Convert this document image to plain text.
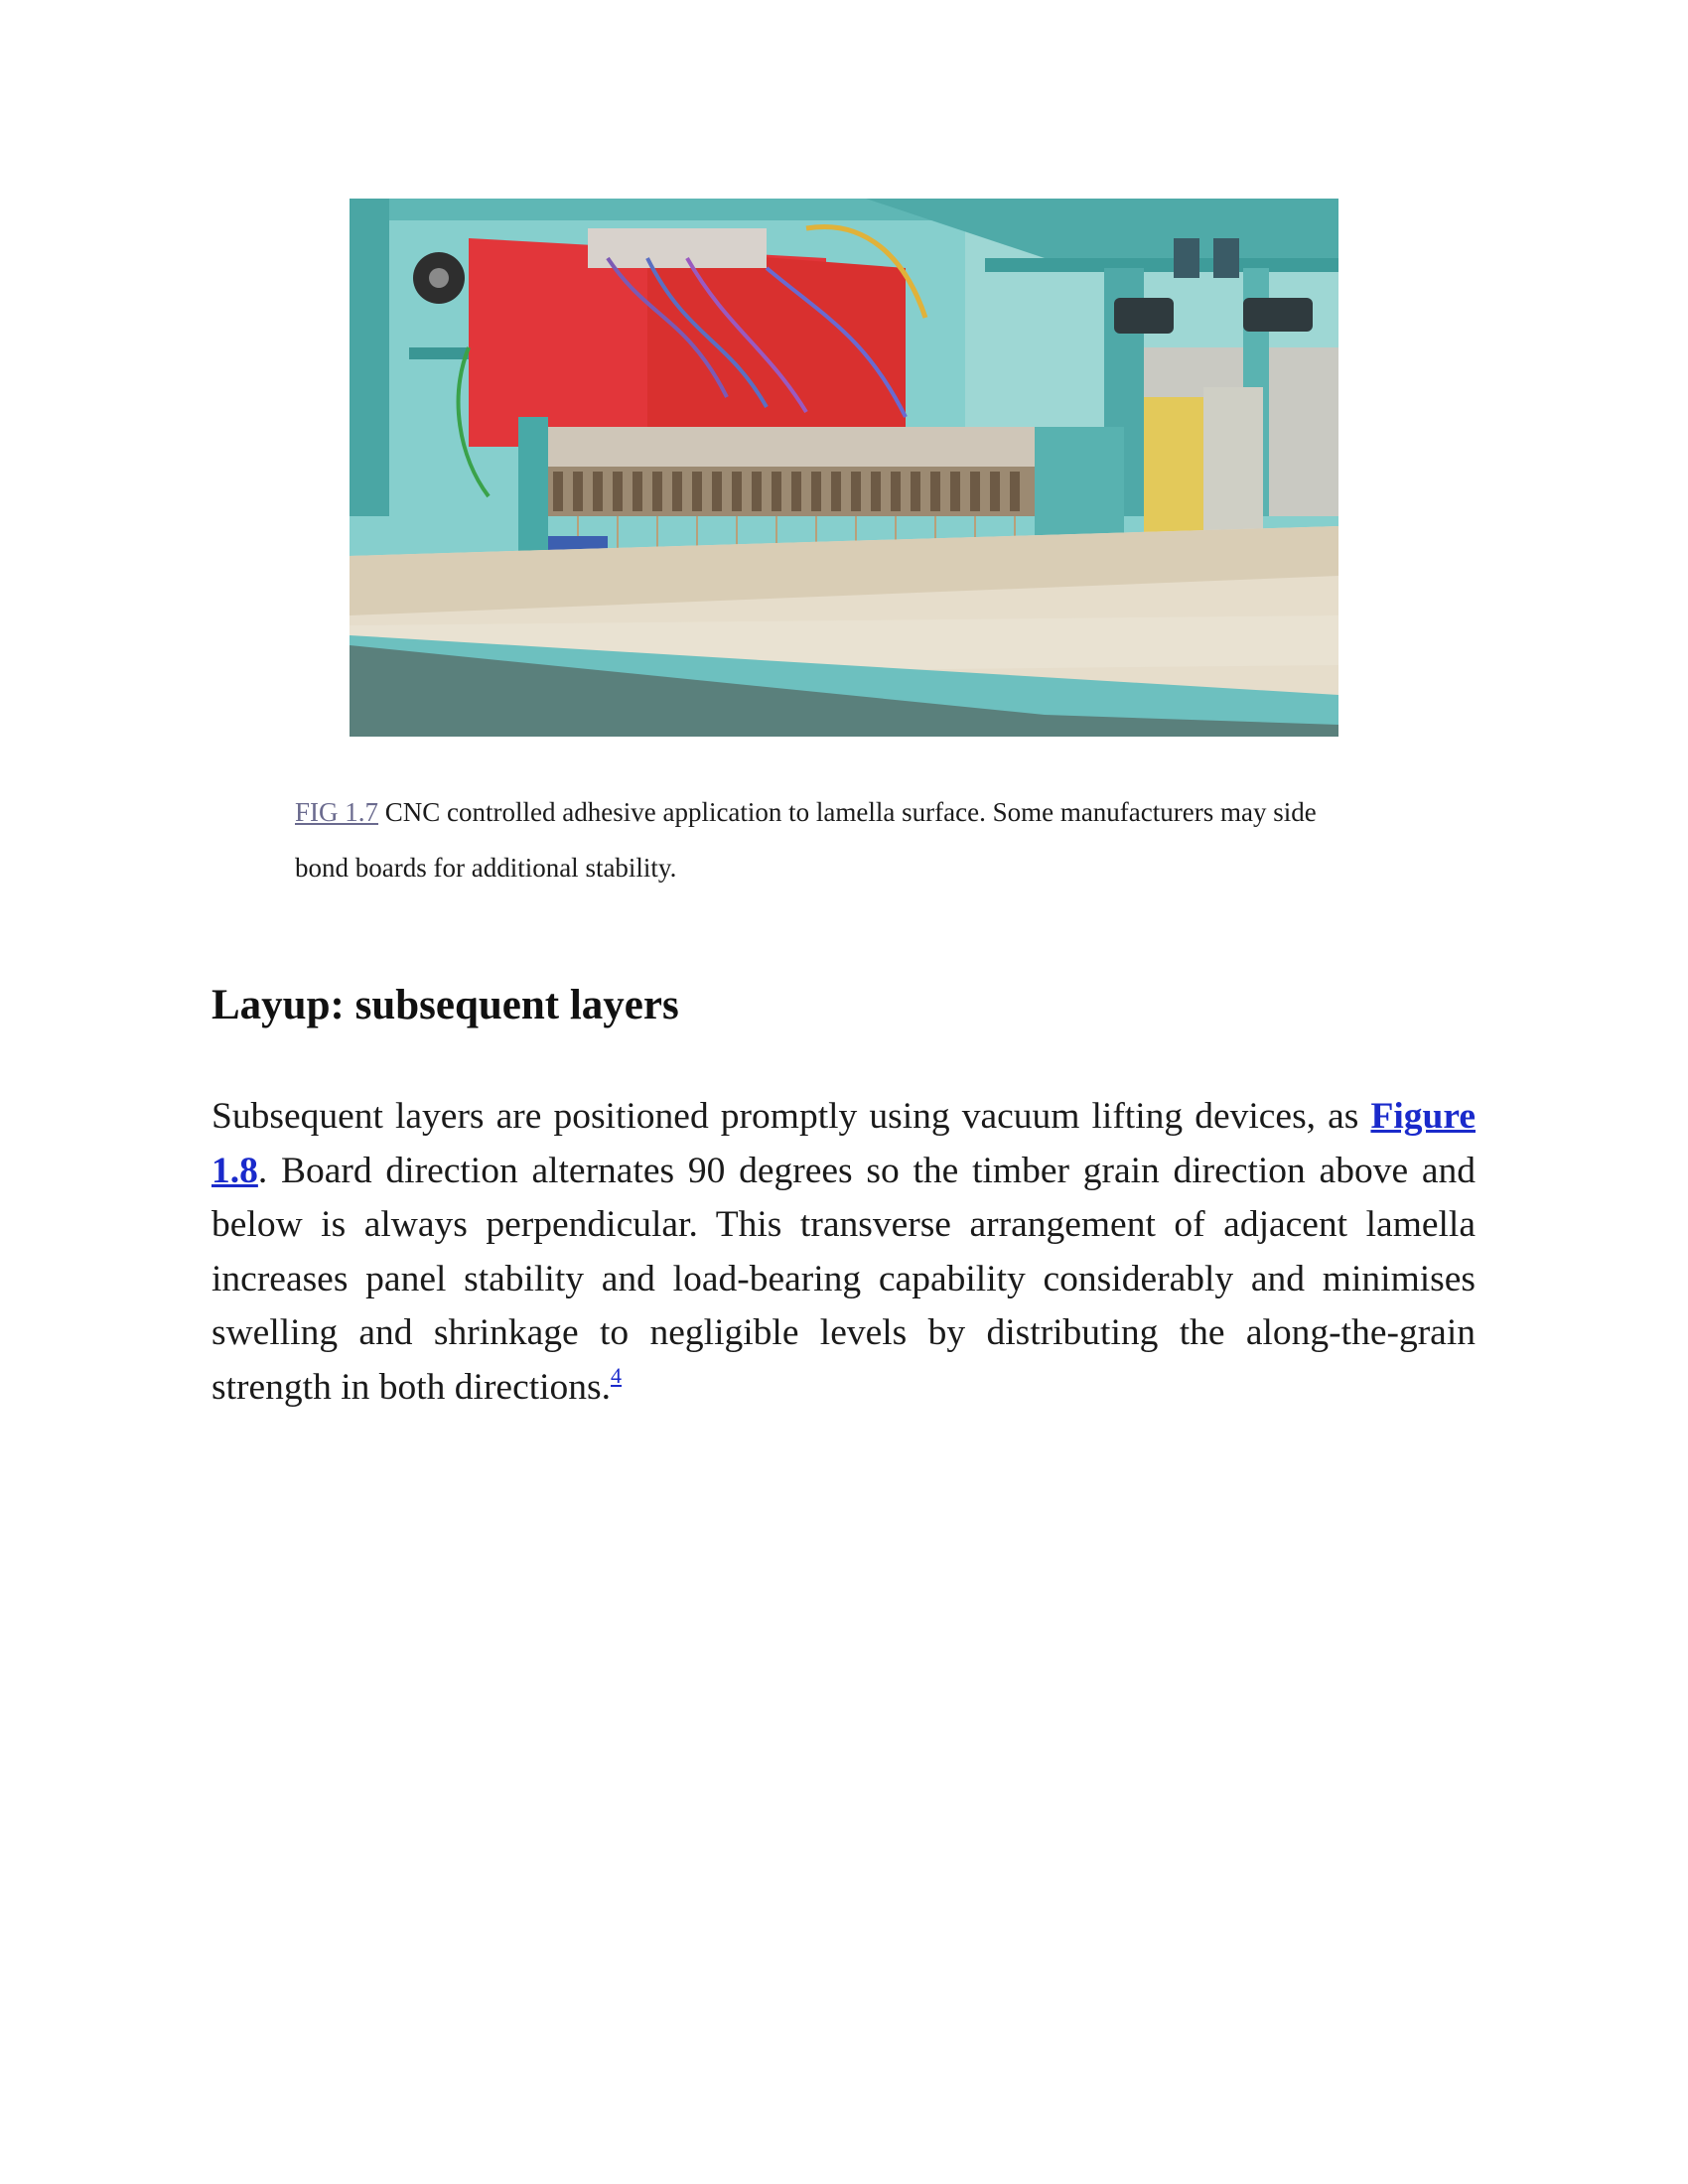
FIG 1.7 CNC controlled adhesive application to lamella surface. Some manufacturers may side bond boards for additional stability.
Layup: subsequent layers

Subsequent layers are positioned promptly using vacuum lifting devices, as Figure 1.8. Board direction alternates 90 degrees so the timber grain direction above and below is always perpendicular. This transverse arrangement of adjacent lamella increases panel stability and load-bearing capability considerably and minimises swelling and shrinkage to negligible levels by distributing the along-the-grain strength in both directions.$^4$
